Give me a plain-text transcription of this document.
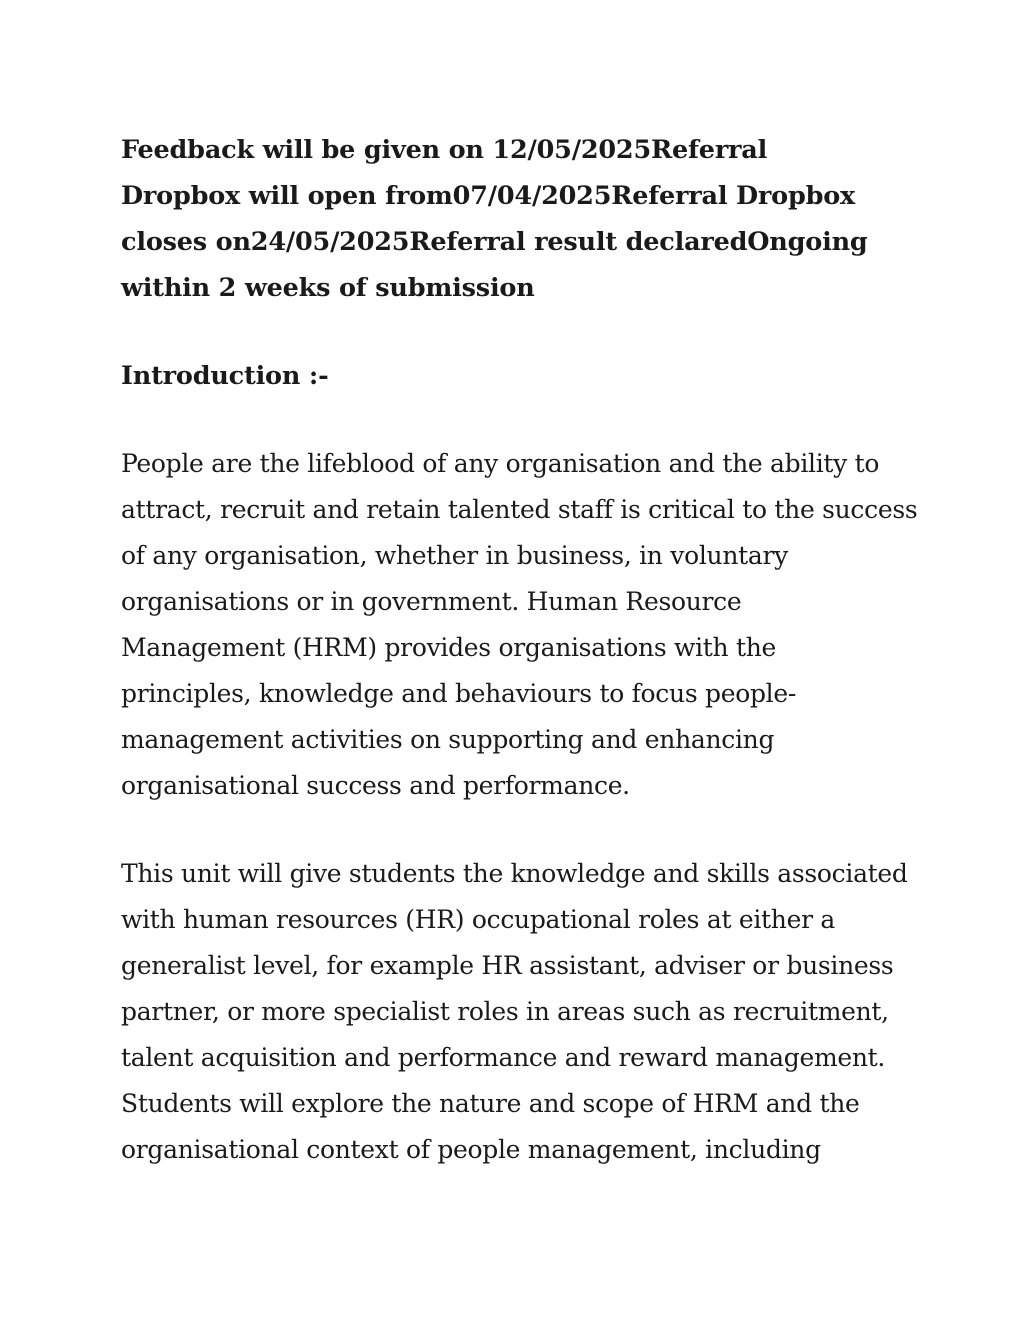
Feedback will be given on 12/05/2025Referral

Dropbox will open from07/04/2025Referral Dropbox

closes on24/05/2025Referral result declaredOngoing

within 2 weeks of submission

Introduction :-

People are the lifeblood of any organisation and the ability to

attract, recruit and retain talented staff is critical to the success

of any organisation, whether in business, in voluntary

organisations or in government. Human Resource

Management (HRM) provides organisations with the

principles, knowledge and behaviours to focus people-

management activities on supporting and enhancing

organisational success and performance.

This unit will give students the knowledge and skills associated

with human resources (HR) occupational roles at either a

generalist level, for example HR assistant, adviser or business

partner, or more specialist roles in areas such as recruitment,

talent acquisition and performance and reward management.

Students will explore the nature and scope of HRM and the

organisational context of people management, including
